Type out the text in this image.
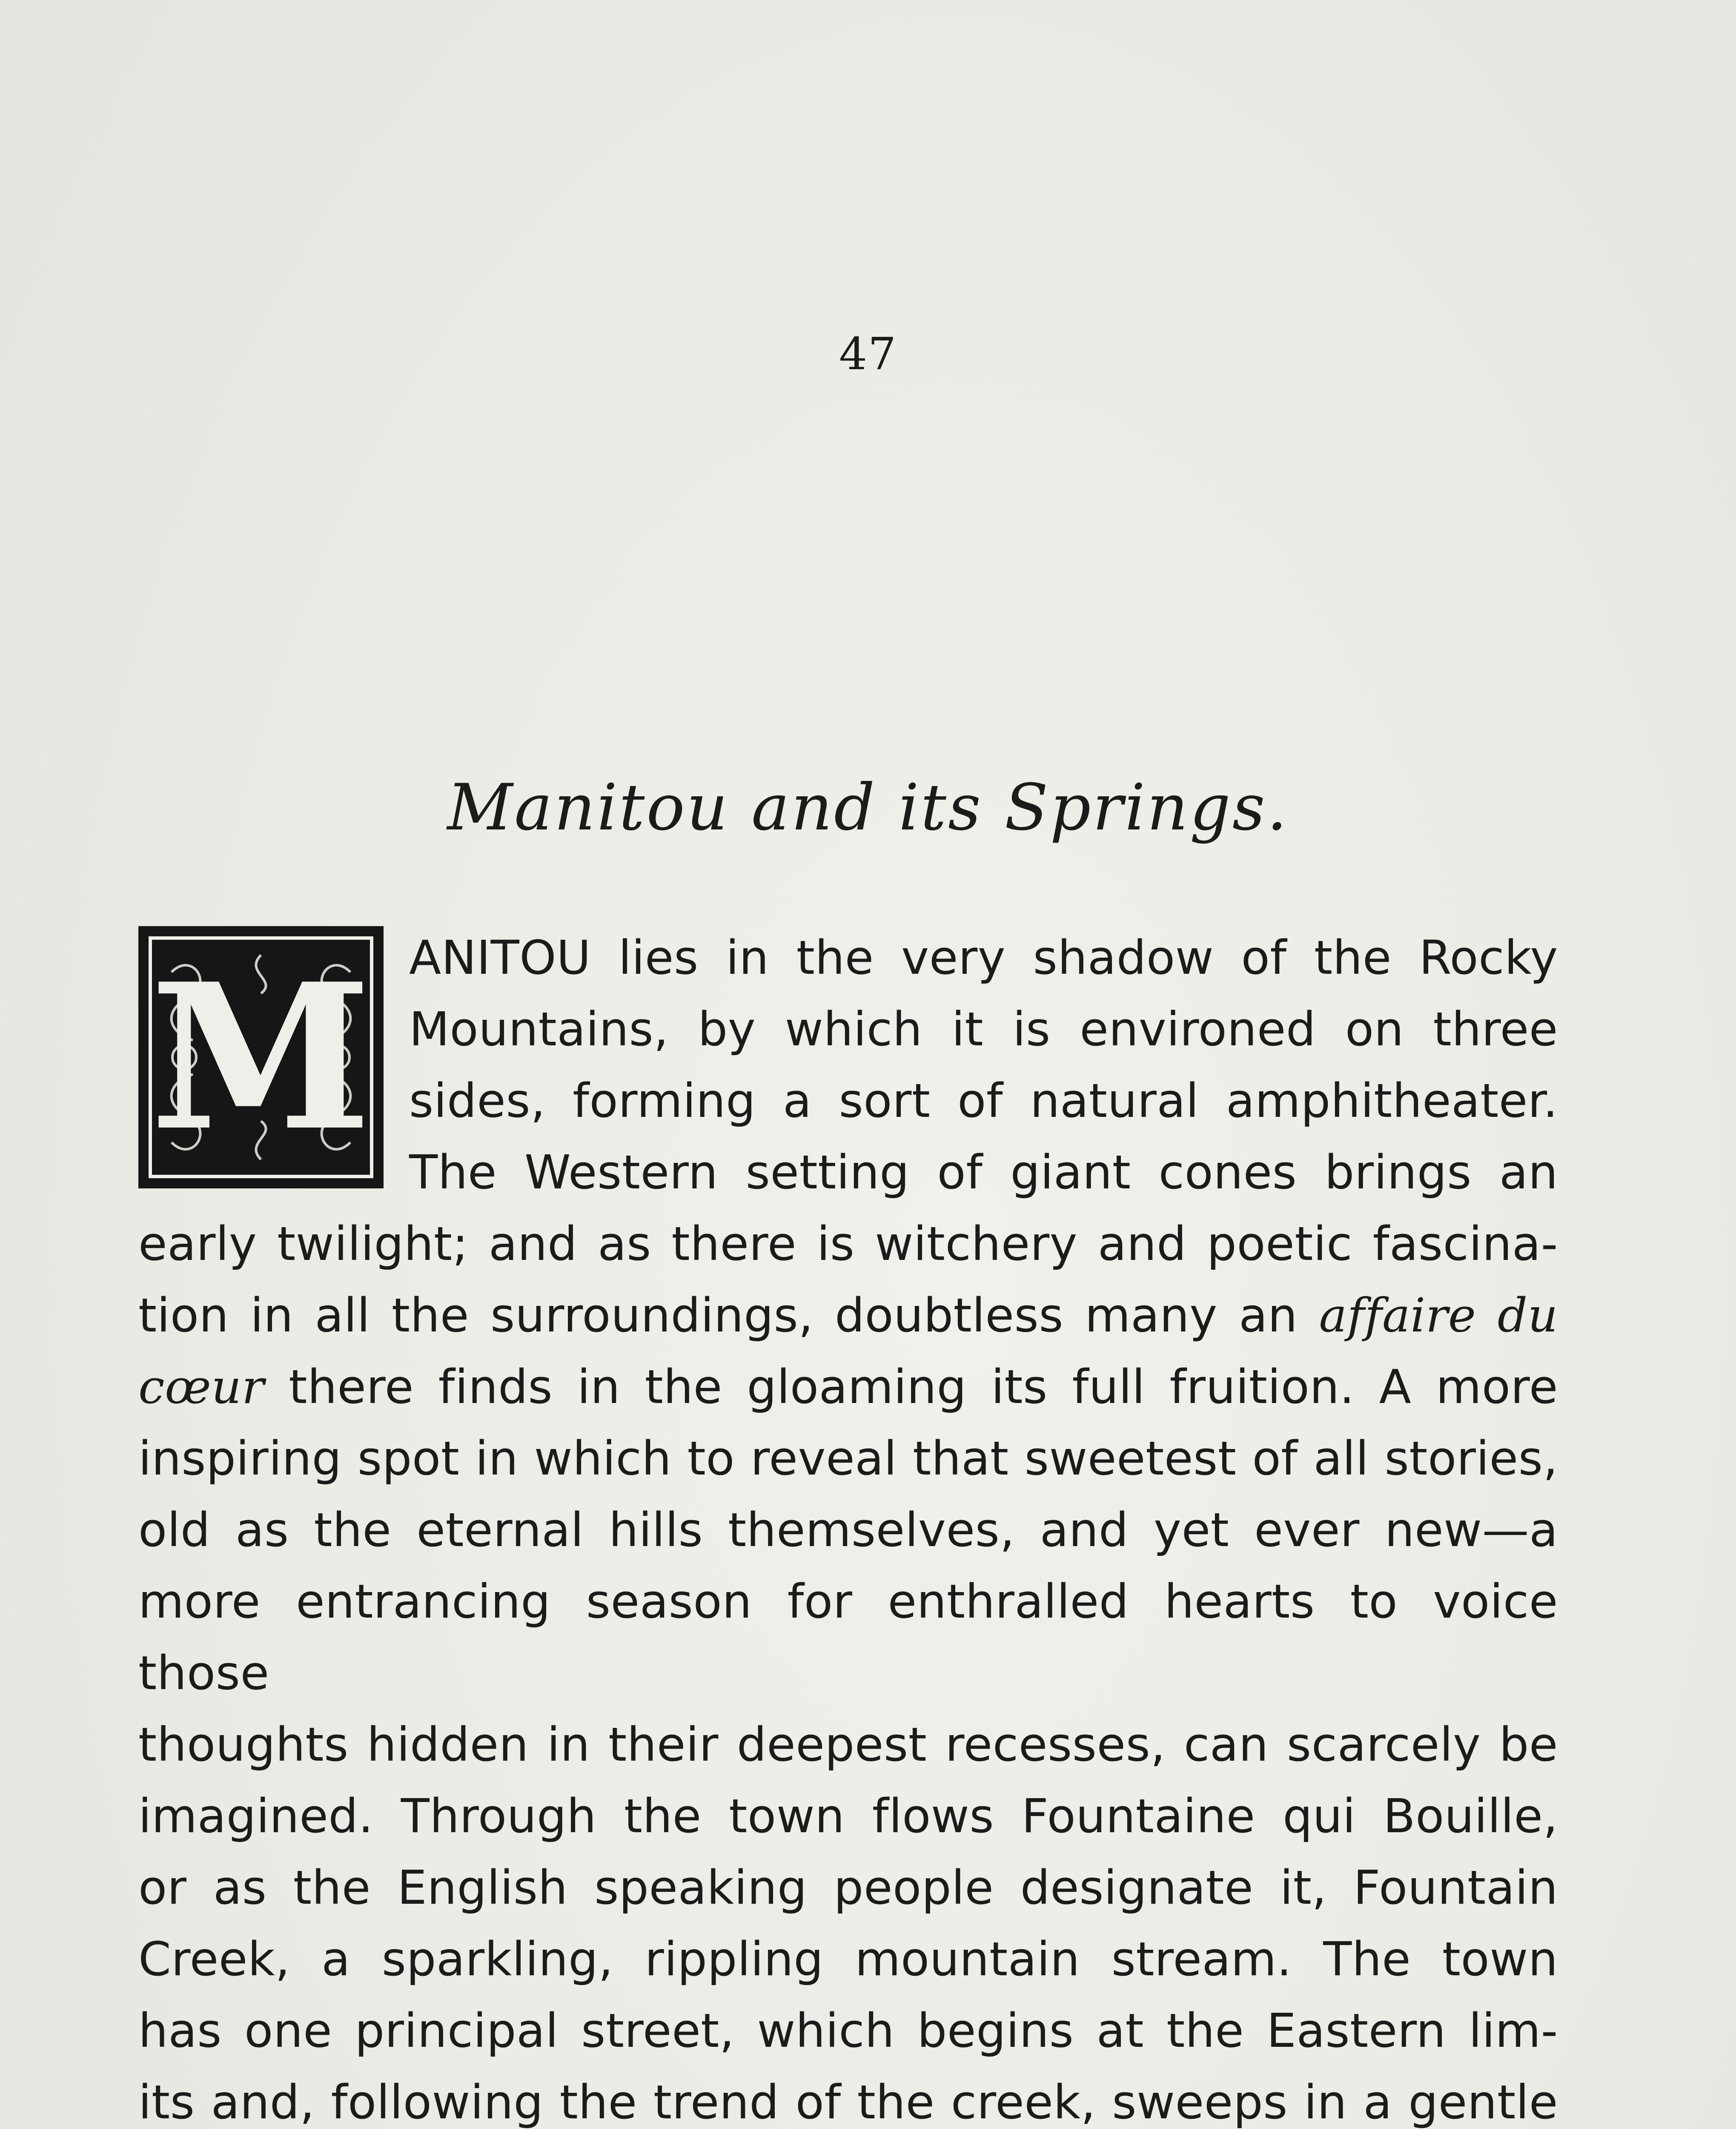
47
Manitou and its Springs.
M ANITOU lies in the very shadow of the Rocky
Mountains, by which it is environed on three
sides, forming a sort of natural amphitheater.
The Western setting of giant cones brings an
early twilight; and as there is witchery and poetic fascina-
tion in all the surroundings, doubtless many an affaire du
cœur there finds in the gloaming its full fruition. A more
inspiring spot in which to reveal that sweetest of all stories,
old as the eternal hills themselves, and yet ever new—a
more entrancing season for enthralled hearts to voice those
thoughts hidden in their deepest recesses, can scarcely be
imagined. Through the town flows Fountaine qui Bouille,
or as the English speaking people designate it, Fountain
Creek, a sparkling, rippling mountain stream. The town
has one principal street, which begins at the Eastern lim-
its and, following the trend of the creek, sweeps in a gentle
